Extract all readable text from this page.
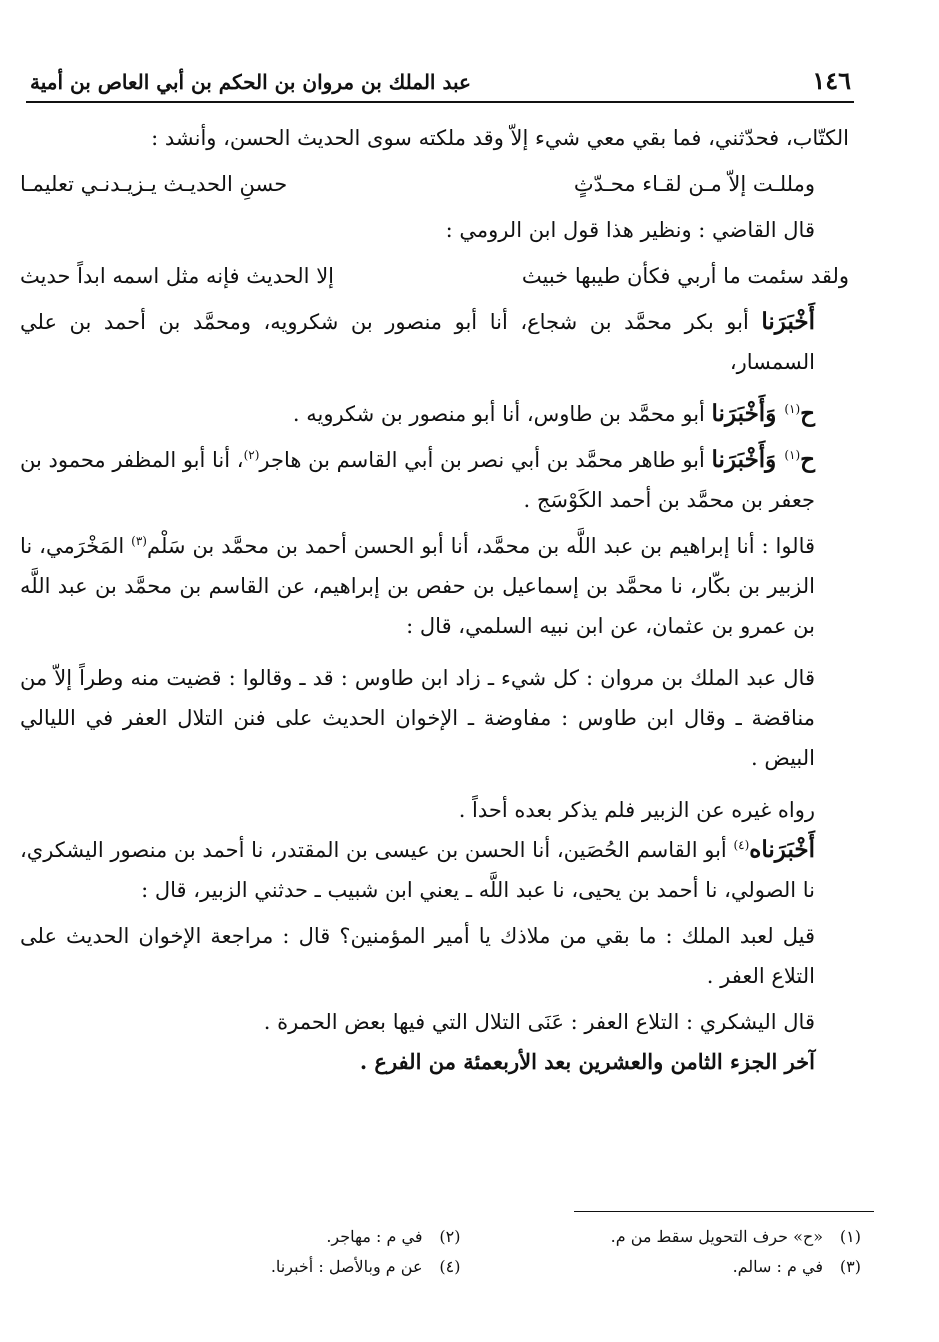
١٤٦
عبد الملك بن مروان بن الحكم بن أبي العاص بن أمية

الكتّاب، فحدّثني، فما بقي معي شيء إلاّ وقد ملكته سوى الحديث الحسن، وأنشد :

ومللـت إلاّ مـن لقـاء محـدّثٍ
حسنِ الحديـث يـزيـدنـي تعليمـا

قال القاضي : ونظير هذا قول ابن الرومي :

ولقد سئمت ما أربي فكأن طيبها خبيث
إلا الحديث فإنه مثل اسمه ابداً حديث

أَخْبَرَنا أبو بكر محمَّد بن شجاع، أنا أبو منصور بن شكرويه، ومحمَّد بن أحمد بن علي السمسار،

ح$^{(١)}$ وَأَخْبَرَنا أبو محمَّد بن طاوس، أنا أبو منصور بن شكرويه .

ح$^{(١)}$ وَأَخْبَرَنا أبو طاهر محمَّد بن أبي نصر بن أبي القاسم بن هاجر$^{(٢)}$، أنا أبو المظفر محمود بن جعفر بن محمَّد بن أحمد الكَوْسَج .

قالوا : أنا إبراهيم بن عبد اللَّه بن محمَّد، أنا أبو الحسن أحمد بن محمَّد بن سَلْم$^{(٣)}$ المَخْرَمي، نا الزبير بن بكّار، نا محمَّد بن إسماعيل بن حفص بن إبراهيم، عن القاسم بن محمَّد بن عبد اللَّه بن عمرو بن عثمان، عن ابن نبيه السلمي، قال :

قال عبد الملك بن مروان : كل شيء ـ زاد ابن طاوس : قد ـ وقالوا : قضيت منه وطراً إلاّ من مناقضة ـ وقال ابن طاوس : مفاوضة ـ الإخوان الحديث على فنن التلال العفر في الليالي البيض .

رواه غيره عن الزبير فلم يذكر بعده أحداً .

أَخْبَرَناه$^{(٤)}$ أبو القاسم الحُصَين، أنا الحسن بن عيسى بن المقتدر، نا أحمد بن منصور اليشكري، نا الصولي، نا أحمد بن يحيى، نا عبد اللَّه ـ يعني ابن شبيب ـ حدثني الزبير، قال :

قيل لعبد الملك : ما بقي من ملاذك يا أمير المؤمنين؟ قال : مراجعة الإخوان الحديث على التلاع العفر .

قال اليشكري : التلاع العفر : عَنَى التلال التي فيها بعض الحمرة .

آخر الجزء الثامن والعشرين بعد الأربعمئة من الفرع .

(١)«ح» حرف التحويل سقط من م.
(٢)في م : مهاجر.
(٣)في م : سالم.
(٤)عن م وبالأصل : أخبرنا.
